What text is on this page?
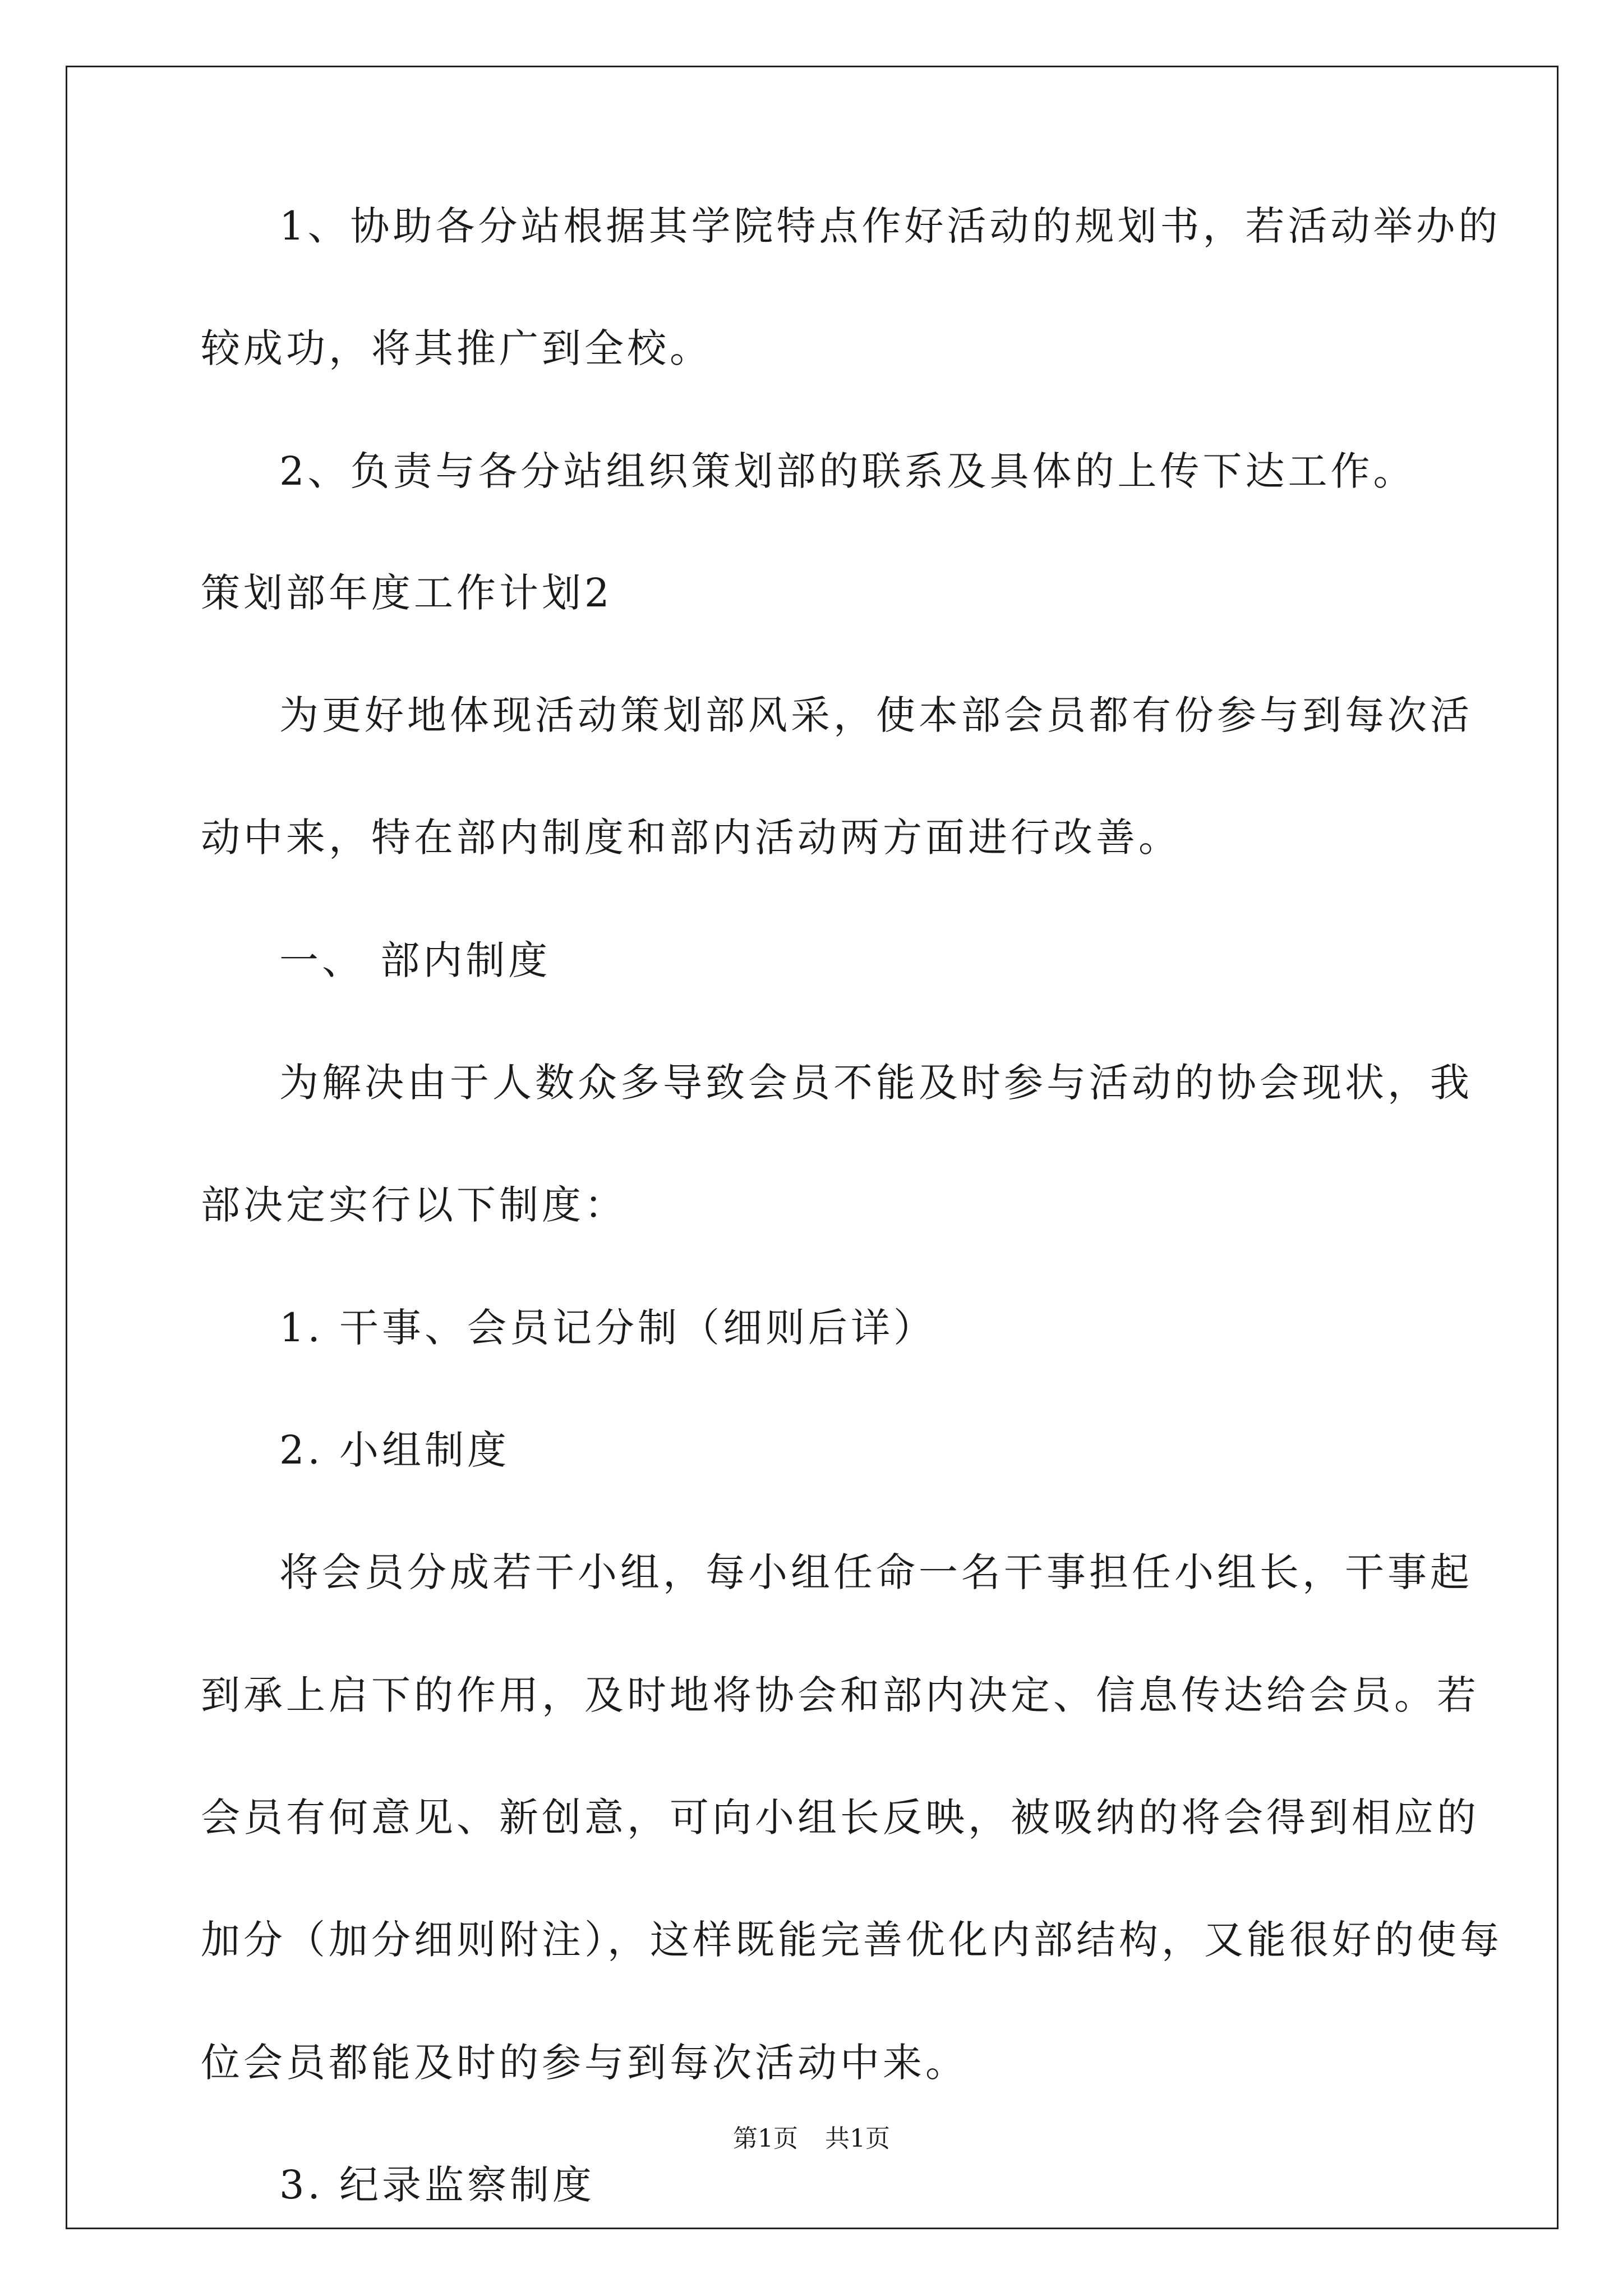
1、协助各分站根据其学院特点作好活动的规划书，若活动举办的
较成功，将其推广到全校。
2、负责与各分站组织策划部的联系及具体的上传下达工作。
策划部年度工作计划2
为更好地体现活动策划部风采，使本部会员都有份参与到每次活
动中来，特在部内制度和部内活动两方面进行改善。
一、 部内制度
为解决由于人数众多导致会员不能及时参与活动的协会现状，我
部决定实行以下制度：
1. 干事、会员记分制（细则后详）
2. 小组制度
将会员分成若干小组，每小组任命一名干事担任小组长，干事起
到承上启下的作用，及时地将协会和部内决定、信息传达给会员。若
会员有何意见、新创意，可向小组长反映，被吸纳的将会得到相应的
加分（加分细则附注），这样既能完善优化内部结构，又能很好的使每
位会员都能及时的参与到每次活动中来。
3. 纪录监察制度
第1页 共1页
